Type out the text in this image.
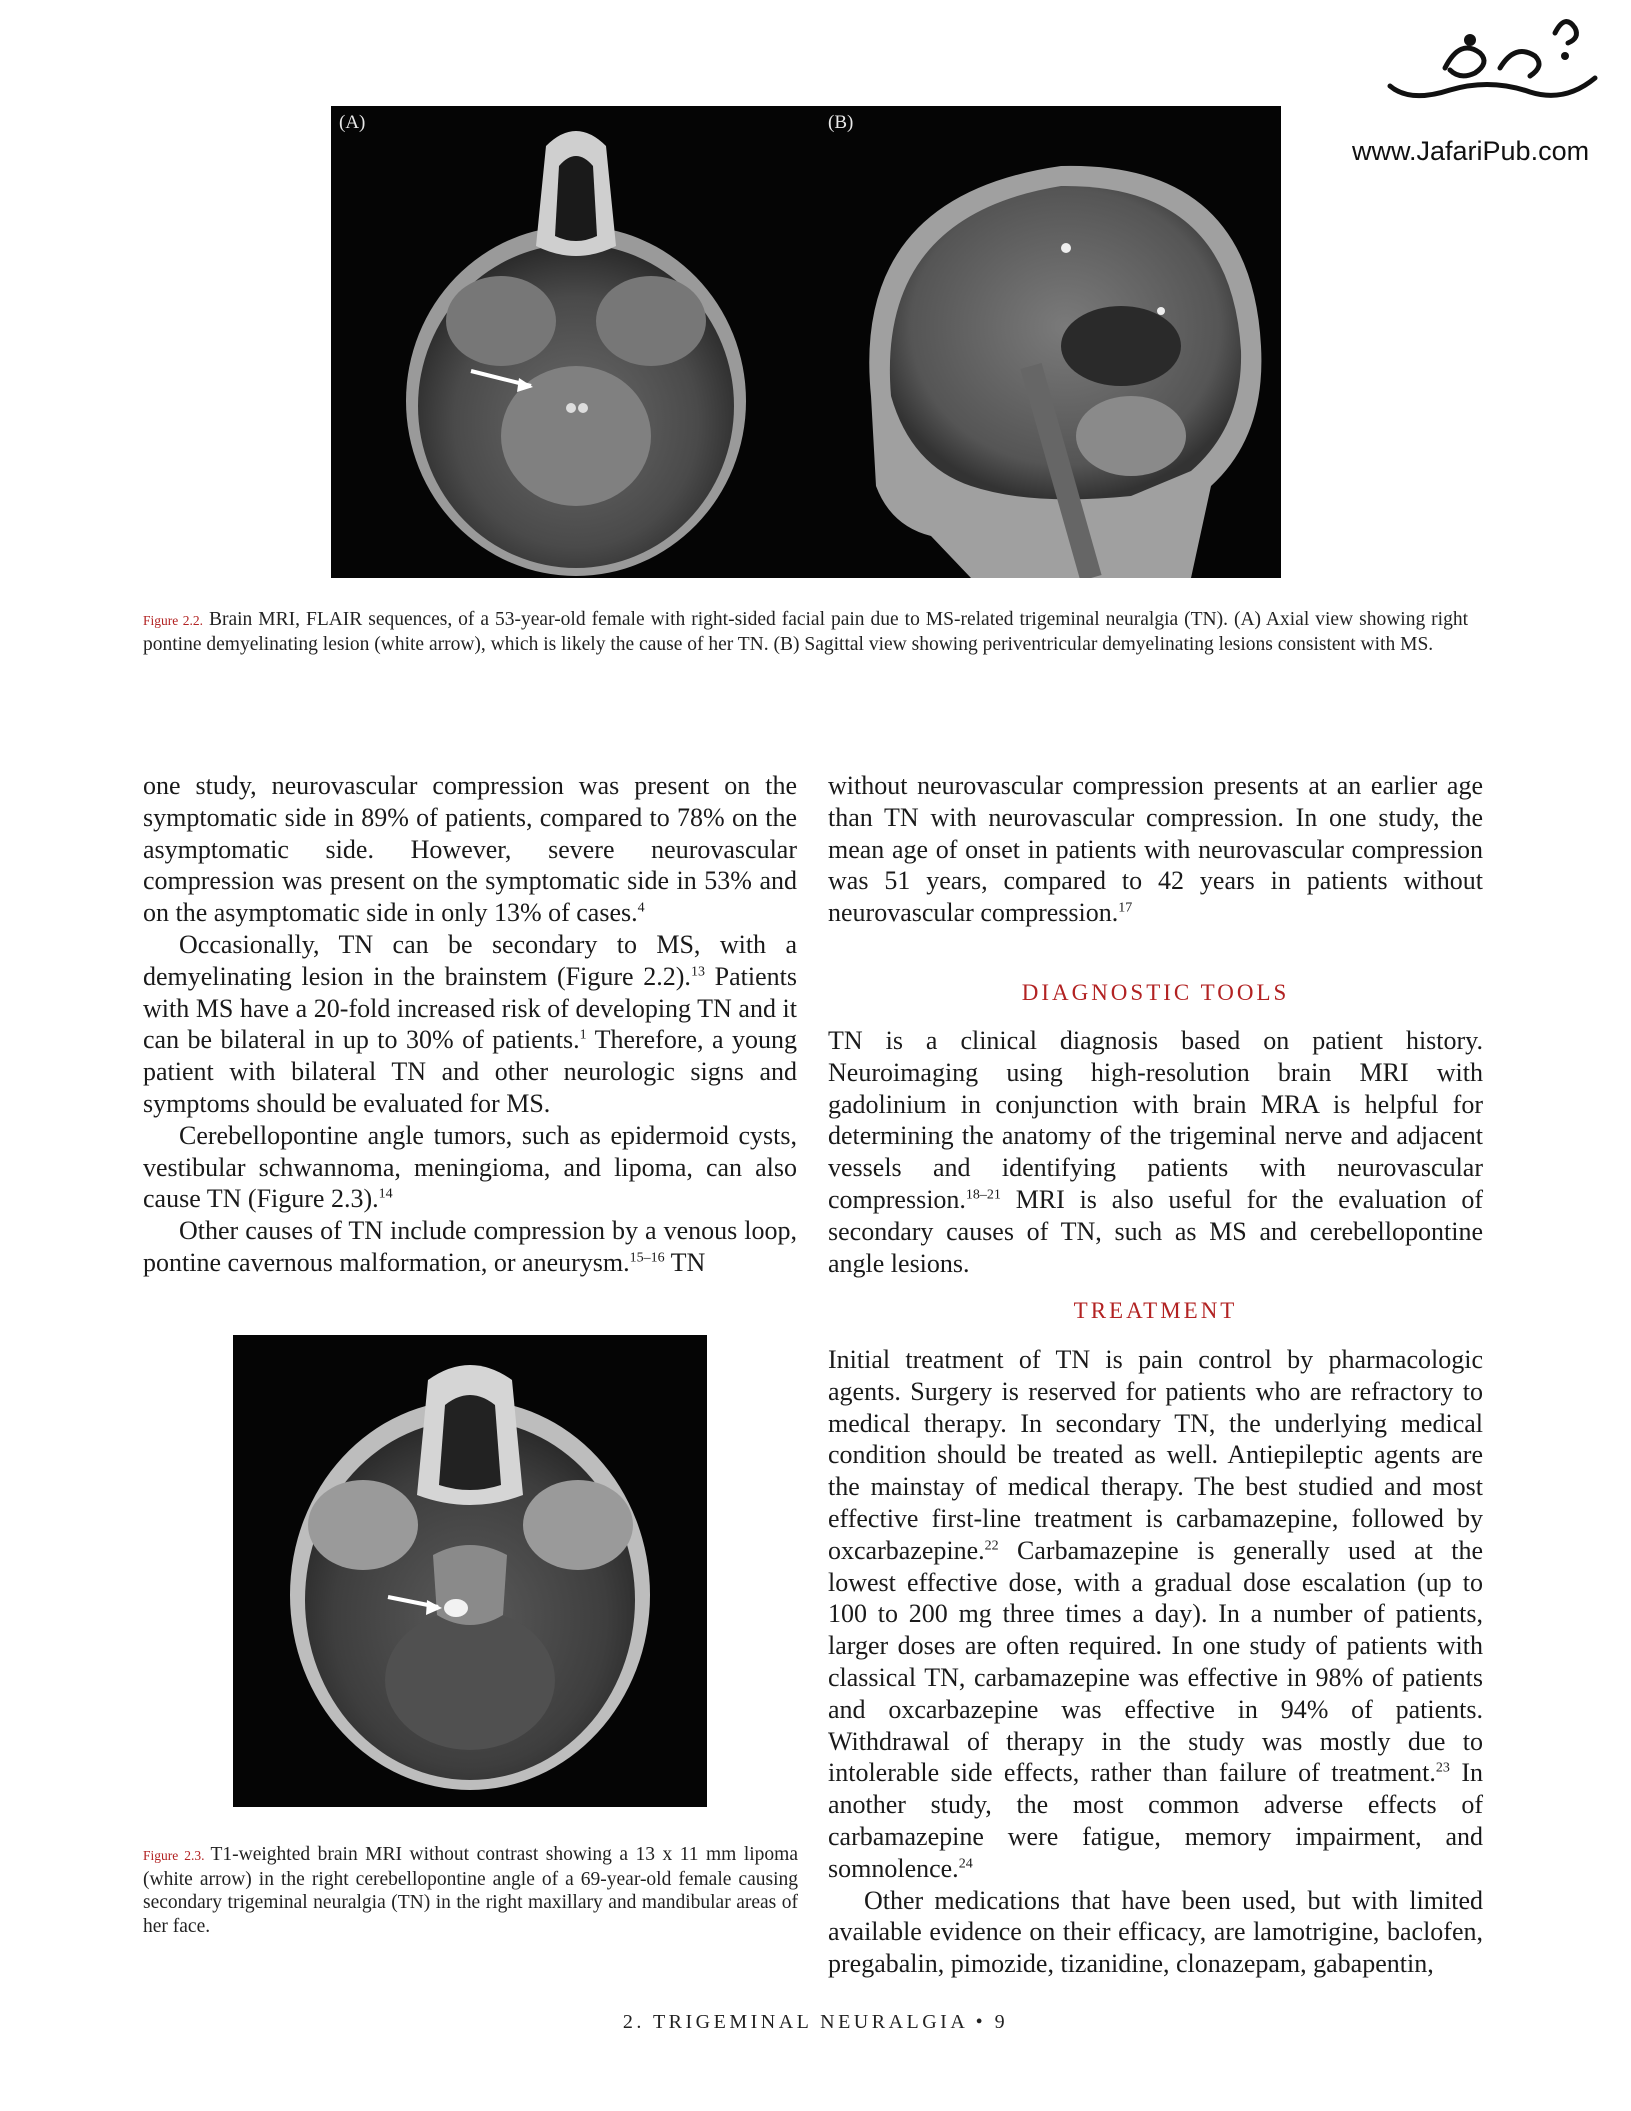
www.JafariPub.com
(A)	(B)
Figure 2.2. Brain MRI, FLAIR sequences, of a 53-year-old female with right-sided facial pain due to MS-related trigeminal neuralgia (TN). (A) Axial view showing right pontine demyelinating lesion (white arrow), which is likely the cause of her TN. (B) Sagittal view showing periventricular demyelinating lesions consistent with MS.

one study, neurovascular compression was present on the symptomatic side in 89% of patients, compared to 78% on the asymptomatic side. However, severe neurovascular compression was present on the symptomatic side in 53% and on the asymptomatic side in only 13% of cases.$^4$

Occasionally, TN can be secondary to MS, with a demyelinating lesion in the brainstem (Figure 2.2).$^{13}$ Patients with MS have a 20-fold increased risk of developing TN and it can be bilateral in up to 30% of patients.$^1$ Therefore, a young patient with bilateral TN and other neurologic signs and symptoms should be evaluated for MS.

Cerebellopontine angle tumors, such as epidermoid cysts, vestibular schwannoma, meningioma, and lipoma, can also cause TN (Figure 2.3).$^{14}$

Other causes of TN include compression by a venous loop, pontine cavernous malformation, or aneurysm.$^{15-16}$ TN

Figure 2.3. T1-weighted brain MRI without contrast showing a 13 x 11 mm lipoma (white arrow) in the right cerebellopontine angle of a 69-year-old female causing secondary trigeminal neuralgia (TN) in the right maxillary and mandibular areas of her face.

without neurovascular compression presents at an earlier age than TN with neurovascular compression. In one study, the mean age of onset in patients with neurovascular compression was 51 years, compared to 42 years in patients without neurovascular compression.$^{17}$

DIAGNOSTIC TOOLS

TN is a clinical diagnosis based on patient history. Neuroimaging using high-resolution brain MRI with gadolinium in conjunction with brain MRA is helpful for determining the anatomy of the trigeminal nerve and adjacent vessels and identifying patients with neurovascular compression.$^{18-21}$ MRI is also useful for the evaluation of secondary causes of TN, such as MS and cerebellopontine angle lesions.

TREATMENT

Initial treatment of TN is pain control by pharmacologic agents. Surgery is reserved for patients who are refractory to medical therapy. In secondary TN, the underlying medical condition should be treated as well. Antiepileptic agents are the mainstay of medical therapy. The best studied and most effective first-line treatment is carbamazepine, followed by oxcarbazepine.$^{22}$ Carbamazepine is generally used at the lowest effective dose, with a gradual dose escalation (up to 100 to 200 mg three times a day). In a number of patients, larger doses are often required. In one study of patients with classical TN, carbamazepine was effective in 98% of patients and oxcarbazepine was effective in 94% of patients. Withdrawal of therapy in the study was mostly due to intolerable side effects, rather than failure of treatment.$^{23}$ In another study, the most common adverse effects of carbamazepine were fatigue, memory impairment, and somnolence.$^{24}$

Other medications that have been used, but with limited available evidence on their efficacy, are lamotrigine, baclofen, pregabalin, pimozide, tizanidine, clonazepam, gabapentin,

2. TRIGEMINAL NEURALGIA • 9
